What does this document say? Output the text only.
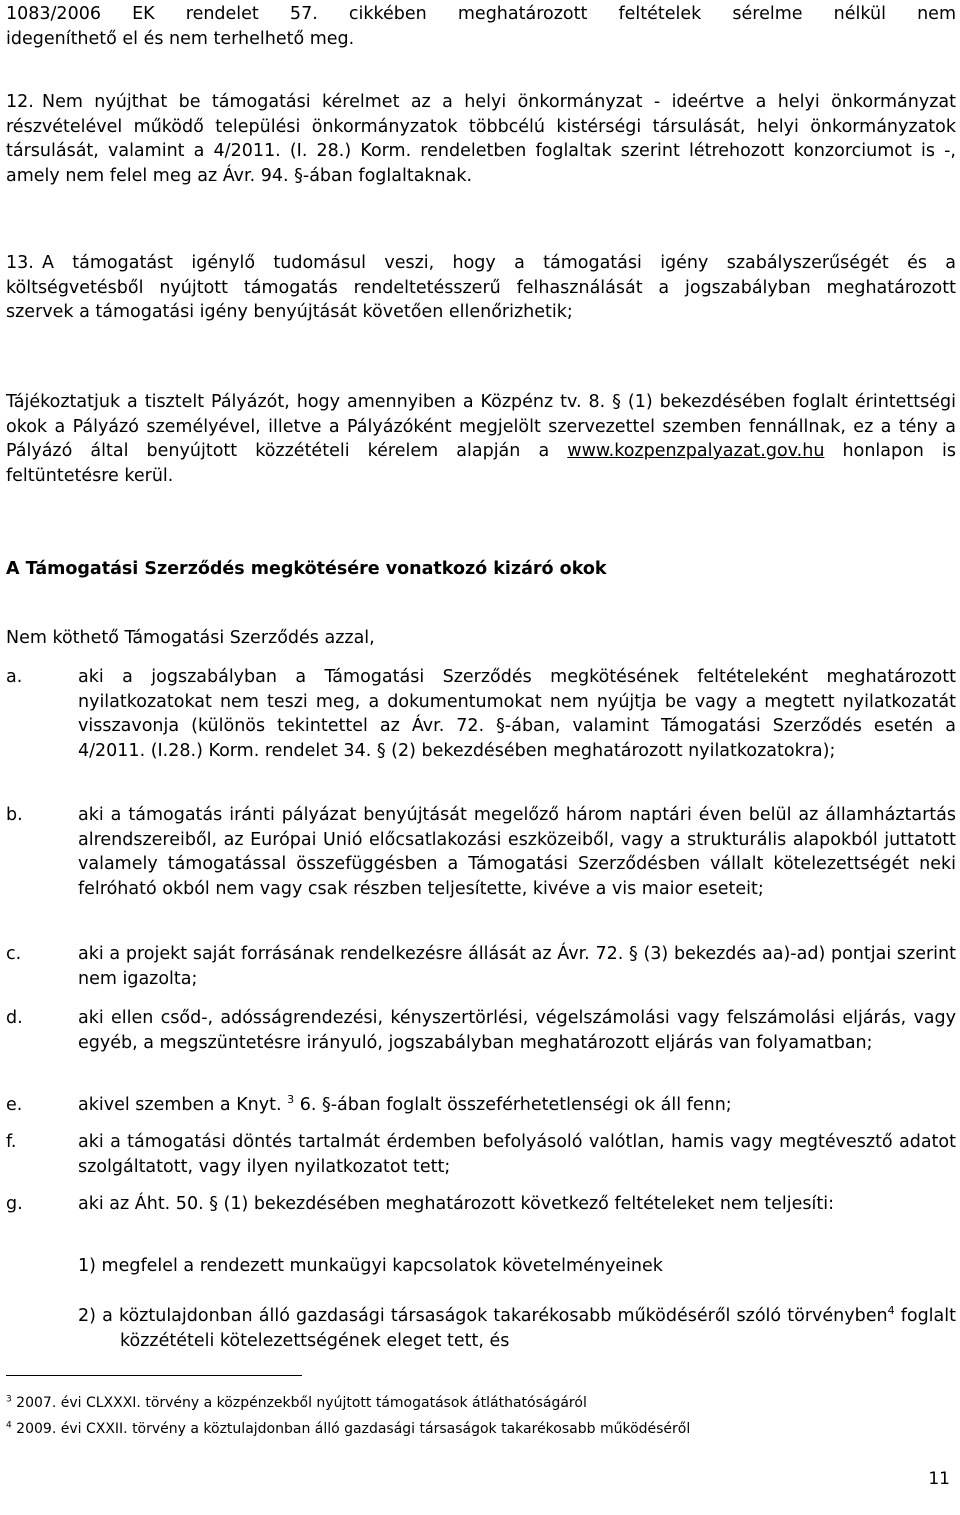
1083/2006 EK rendelet 57. cikkében meghatározott feltételek sérelme nélkül nem

idegeníthető el és nem terhelhető meg.

12. Nem nyújthat be támogatási kérelmet az a helyi önkormányzat - ideértve a helyi önkormányzat részvételével működő települési önkormányzatok többcélú kistérségi társulását, helyi önkormányzatok társulását, valamint a 4/2011. (I. 28.) Korm. rendeletben foglaltak szerint létrehozott konzorciumot is -, amely nem felel meg az Ávr. 94. §-ában foglaltaknak.

13. A támogatást igénylő tudomásul veszi, hogy a támogatási igény szabályszerűségét és a költségvetésből nyújtott támogatás rendeltetésszerű felhasználását a jogszabályban meghatározott szervek a támogatási igény benyújtását követően ellenőrizhetik;

Tájékoztatjuk a tisztelt Pályázót, hogy amennyiben a Közpénz tv. 8. § (1) bekezdésében foglalt érintettségi okok a Pályázó személyével, illetve a Pályázóként megjelölt szervezettel szemben fennállnak, ez a tény a Pályázó által benyújtott közzétételi kérelem alapján a www.kozpenzpalyazat.gov.hu honlapon is feltüntetésre kerül.

A Támogatási Szerződés megkötésére vonatkozó kizáró okok
Nem köthető Támogatási Szerződés azzal,
a.	aki a jogszabályban a Támogatási Szerződés megkötésének feltételeként meghatározott nyilatkozatokat nem teszi meg, a dokumentumokat nem nyújtja be vagy a megtett nyilatkozatát visszavonja (különös tekintettel az Ávr. 72. §-ában, valamint Támogatási Szerződés esetén a 4/2011. (I.28.) Korm. rendelet 34. § (2) bekezdésében meghatározott nyilatkozatokra);
b.	aki a támogatás iránti pályázat benyújtását megelőző három naptári éven belül az államháztartás alrendszereiből, az Európai Unió előcsatlakozási eszközeiből, vagy a strukturális alapokból juttatott valamely támogatással összefüggésben a Támogatási Szerződésben vállalt kötelezettségét neki felróható okból nem vagy csak részben teljesítette, kivéve a vis maior eseteit;
c.	aki a projekt saját forrásának rendelkezésre állását az Ávr. 72. § (3) bekezdés aa)-ad) pontjai szerint nem igazolta;
d.	aki ellen csőd-, adósságrendezési, kényszertörlési, végelszámolási vagy felszámolási eljárás, vagy egyéb, a megszüntetésre irányuló, jogszabályban meghatározott eljárás van folyamatban;
e.	akivel szemben a Knyt. $^3$ 6. §-ában foglalt összeférhetetlenségi ok áll fenn;
f.	aki a támogatási döntés tartalmát érdemben befolyásoló valótlan, hamis vagy megtévesztő adatot szolgáltatott, vagy ilyen nyilatkozatot tett;
g.	aki az Áht. 50. § (1) bekezdésében meghatározott következő feltételeket nem teljesíti:
1) megfelel a rendezett munkaügyi kapcsolatok követelményeinek
2) a köztulajdonban álló gazdasági társaságok takarékosabb működéséről szóló törvényben$^4$ foglalt közzétételi kötelezettségének eleget tett, és
$^3$ 2007. évi CLXXXI. törvény a közpénzekből nyújtott támogatások átláthatóságáról
$^4$ 2009. évi CXXII. törvény a köztulajdonban álló gazdasági társaságok takarékosabb működéséről
11
